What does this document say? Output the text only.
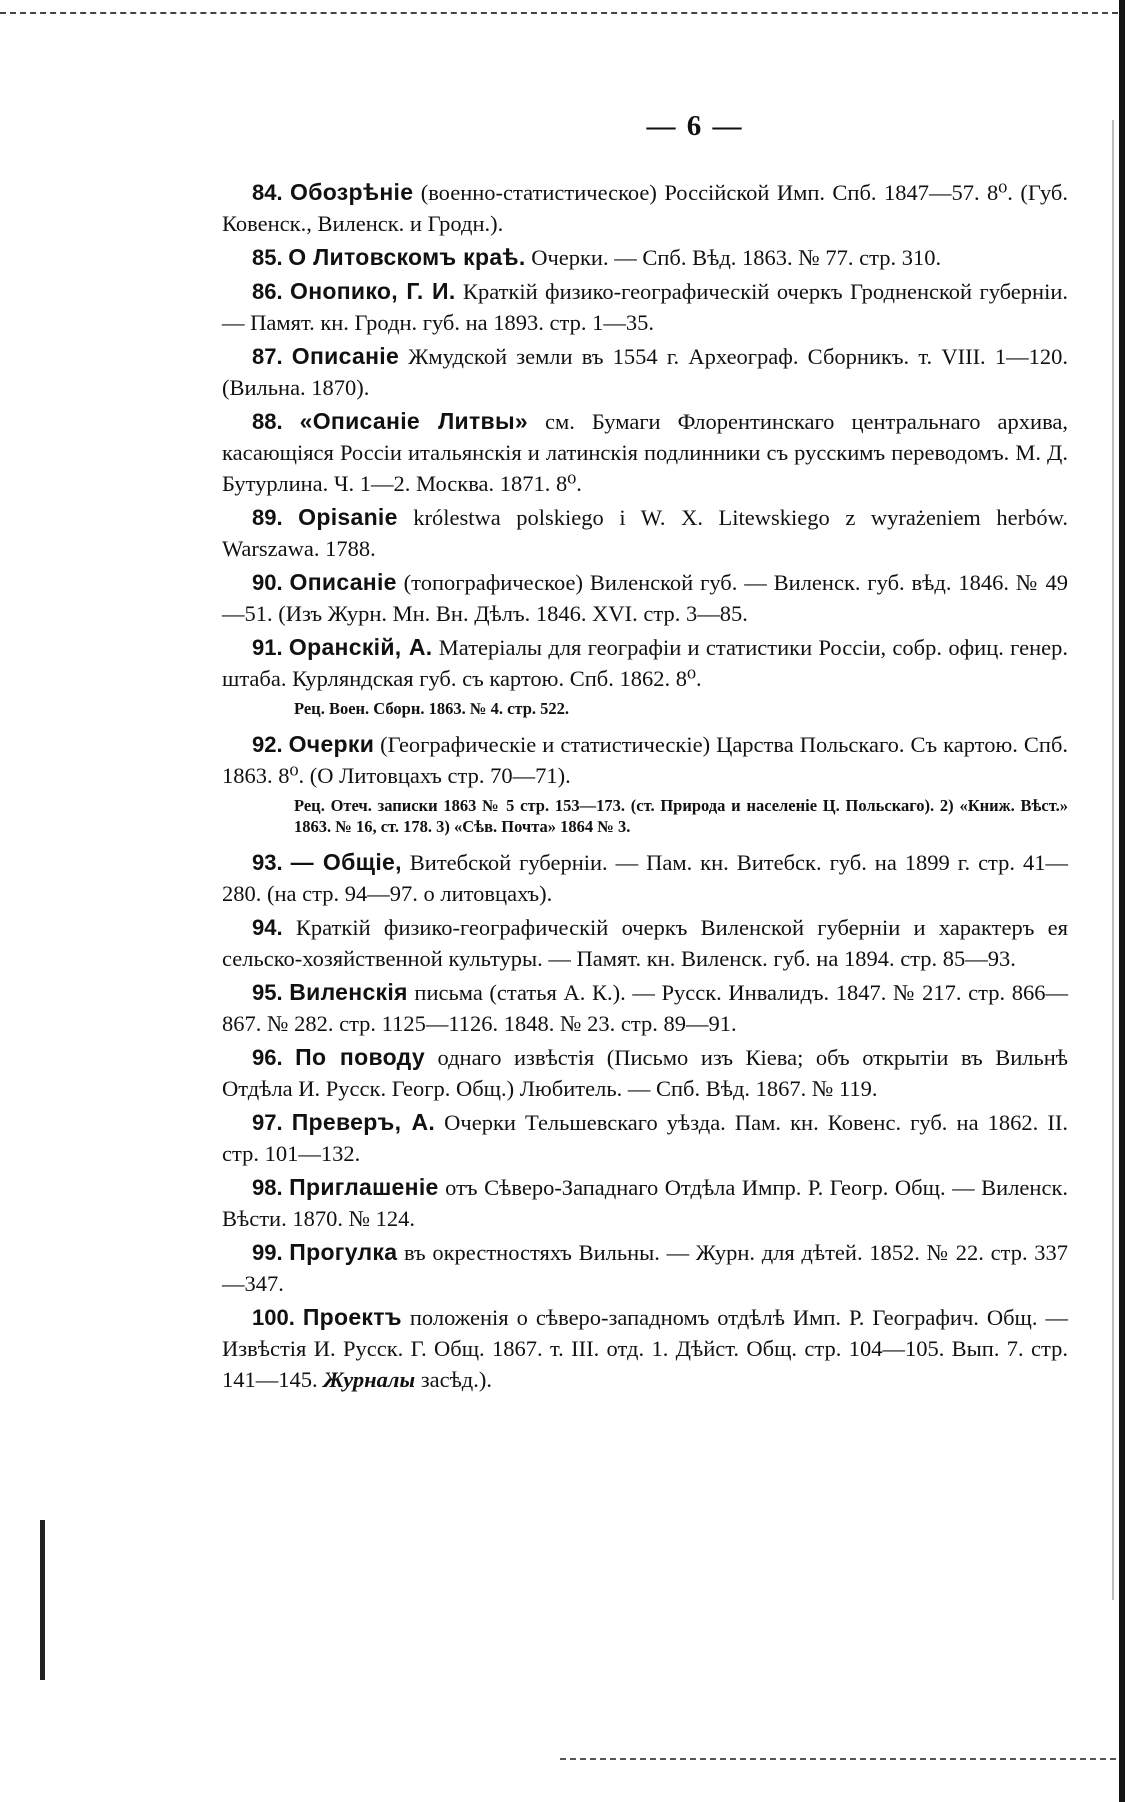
— 6 —
84. Обозрѣніе (военно-статистическое) Россійской Имп. Спб. 1847—57. 8⁰. (Губ. Ковенск., Виленск. и Гродн.).
85. О Литовскомъ краѣ. Очерки. — Спб. Вѣд. 1863. № 77. стр. 310.
86. Онопико, Г. И. Краткій физико-географическій очеркъ Гродненской губерніи. — Памят. кн. Гродн. губ. на 1893. стр. 1—35.
87. Описаніе Жмудской земли въ 1554 г. Археограф. Сборникъ. т. VIII. 1—120. (Вильна. 1870).
88. «Описаніе Литвы» см. Бумаги Флорентинскаго центральнаго архива, касающіяся Россіи итальянскія и латинскія подлинники съ русскимъ переводомъ. М. Д. Бутурлина. Ч. 1—2. Москва. 1871. 8⁰.
89. Opisanie królestwa polskiego i W. X. Litewskiego z wyrażeniem herbów. Warszawa. 1788.
90. Описаніе (топографическое) Виленской губ. — Виленск. губ. вѣд. 1846. № 49—51. (Изъ Журн. Мн. Вн. Дѣлъ. 1846. XVI. стр. 3—85.
91. Оранскій, А. Матеріалы для географіи и статистики Россіи, собр. офиц. генер. штаба. Курляндская губ. съ картою. Спб. 1862. 8⁰.
Рец. Воен. Сборн. 1863. № 4. стр. 522.
92. Очерки (Географическіе и статистическіе) Царства Польскаго. Съ картою. Спб. 1863. 8⁰. (О Литовцахъ стр. 70—71).
Рец. Отеч. записки 1863 № 5 стр. 153—173. (ст. Природа и населеніе Ц. Польскаго). 2) «Книж. Вѣст.» 1863. № 16, ст. 178. 3) «Сѣв. Почта» 1864 № 3.
93. — Общіе, Витебской губерніи. — Пам. кн. Витебск. губ. на 1899 г. стр. 41—280. (на стр. 94—97. о литовцахъ).
94. Краткій физико-географическій очеркъ Виленской губерніи и характеръ ея сельско-хозяйственной культуры. — Памят. кн. Виленск. губ. на 1894. стр. 85—93.
95. Виленскія письма (статья А. К.). — Русск. Инвалидъ. 1847. № 217. стр. 866—867. № 282. стр. 1125—1126. 1848. № 23. стр. 89—91.
96. По поводу однаго извѣстія (Письмо изъ Кіева; объ открытіи въ Вильнѣ Отдѣла И. Русск. Геогр. Общ.) Любитель. — Спб. Вѣд. 1867. № 119.
97. Преверъ, А. Очерки Тельшевскаго уѣзда. Пам. кн. Ковенс. губ. на 1862. II. стр. 101—132.
98. Приглашеніе отъ Сѣверо-Западнаго Отдѣла Импр. Р. Геогр. Общ. — Виленск. Вѣсти. 1870. № 124.
99. Прогулка въ окрестностяхъ Вильны. — Журн. для дѣтей. 1852. № 22. стр. 337—347.
100. Проектъ положенія о сѣверо-западномъ отдѣлѣ Имп. Р. Географич. Общ. — Извѣстія И. Русск. Г. Общ. 1867. т. III. отд. 1. Дѣйст. Общ. стр. 104—105. Вып. 7. стр. 141—145. Журналы засѣд.).
